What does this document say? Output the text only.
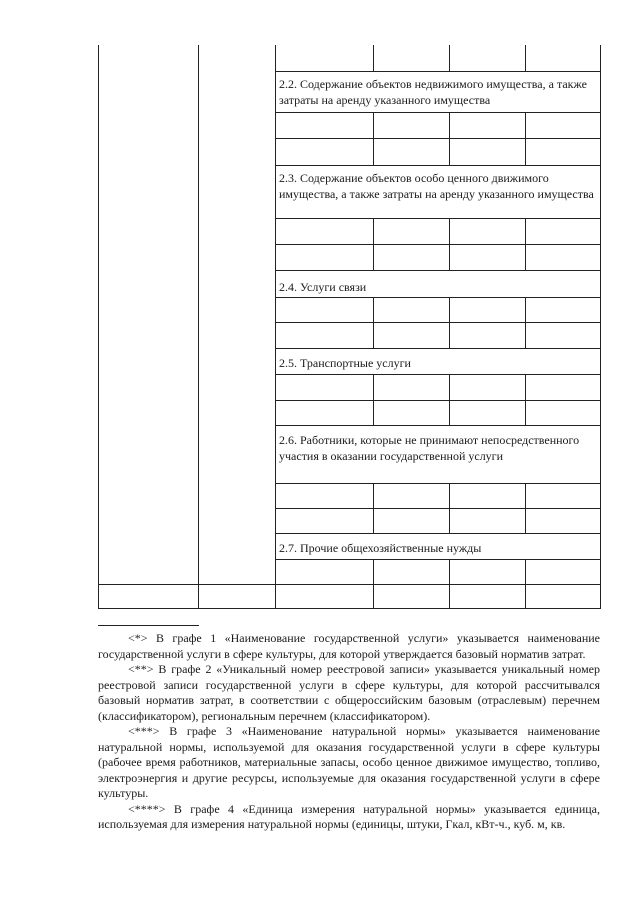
2.2. Содержание объектов недвижимого имущества, а также затраты на аренду указанного имущества
2.3. Содержание объектов особо ценного движимого имущества, а также затраты на аренду указанного имущества
2.4. Услуги связи
2.5. Транспортные услуги
2.6. Работники, которые не принимают непосредственного участия в оказании государственной услуги
2.7. Прочие общехозяйственные нужды

<*> В графе 1 «Наименование государственной услуги» указывается наименование государственной услуги в сфере культуры, для которой утверждается базовый норматив затрат.

<**> В графе 2 «Уникальный номер реестровой записи» указывается уникальный номер реестровой записи государственной услуги в сфере культуры, для которой рассчитывался базовый норматив затрат, в соответствии с общероссийским базовым (отраслевым) перечнем (классификатором), региональным перечнем (классификатором).

<***> В графе 3 «Наименование натуральной нормы» указывается наименование натуральной нормы, используемой для оказания государственной услуги в сфере культуры (рабочее время работников, материальные запасы, особо ценное движимое имущество, топливо, электроэнергия и другие ресурсы, используемые для оказания государственной услуги в сфере культуры.

<****> В графе 4 «Единица измерения натуральной нормы» указывается единица, используемая для измерения натуральной нормы (единицы, штуки, Гкал, кВт-ч., куб. м, кв.
